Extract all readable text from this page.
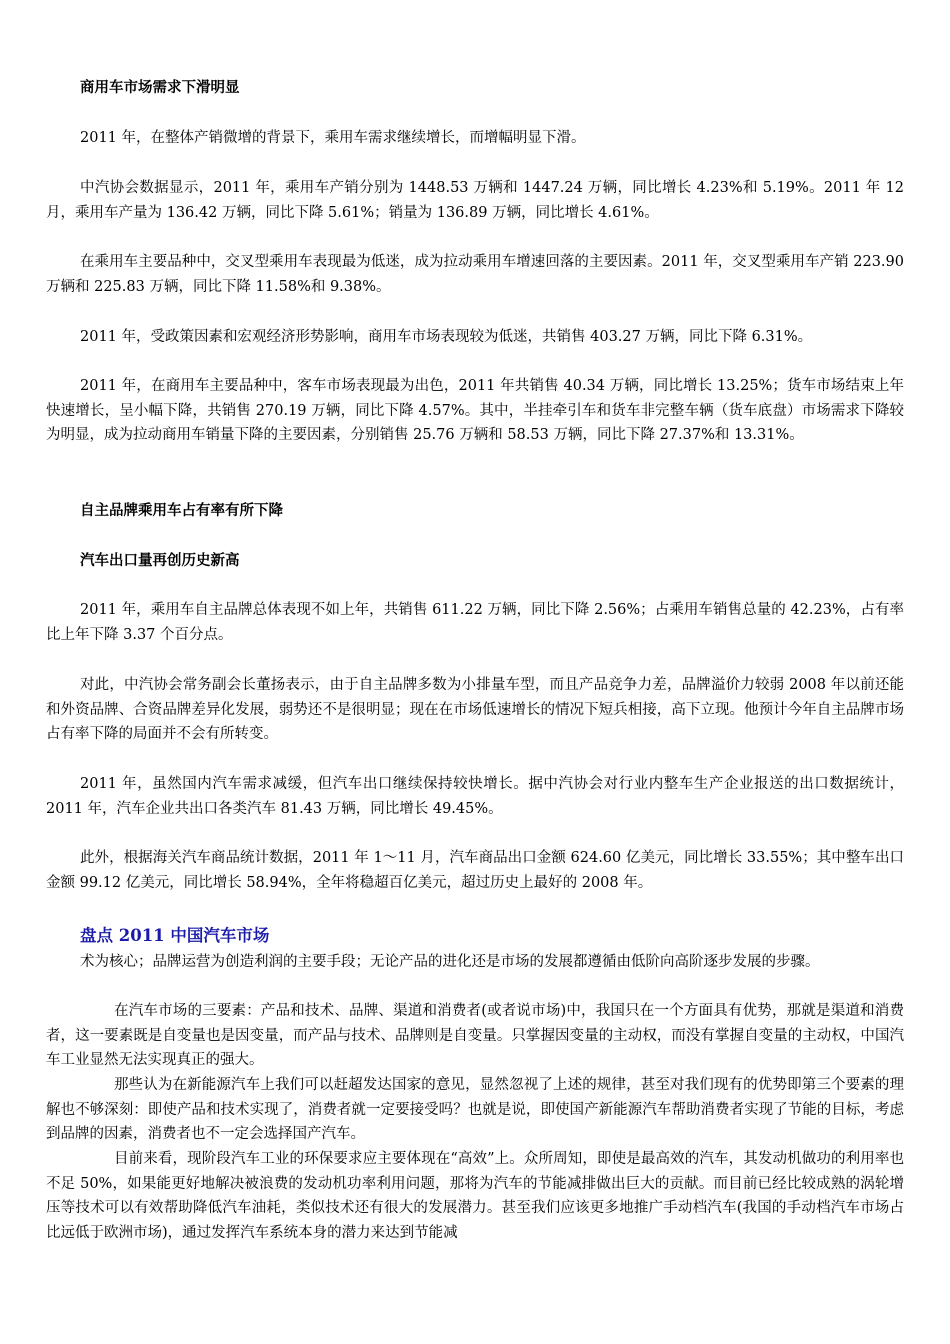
商用车市场需求下滑明显

2011 年，在整体产销微增的背景下，乘用车需求继续增长，而增幅明显下滑。

中汽协会数据显示，2011 年，乘用车产销分别为 1448.53 万辆和 1447.24 万辆，同比增长 4.23%和 5.19%。2011 年 12 月，乘用车产量为 136.42 万辆，同比下降 5.61%；销量为 136.89 万辆，同比增长 4.61%。

在乘用车主要品种中，交叉型乘用车表现最为低迷，成为拉动乘用车增速回落的主要因素。2011 年，交叉型乘用车产销 223.90 万辆和 225.83 万辆，同比下降 11.58%和 9.38%。

2011 年，受政策因素和宏观经济形势影响，商用车市场表现较为低迷，共销售 403.27 万辆，同比下降 6.31%。

2011 年，在商用车主要品种中，客车市场表现最为出色，2011 年共销售 40.34 万辆，同比增长 13.25%；货车市场结束上年快速增长，呈小幅下降，共销售 270.19 万辆，同比下降 4.57%。其中，半挂牵引车和货车非完整车辆（货车底盘）市场需求下降较为明显，成为拉动商用车销量下降的主要因素，分别销售 25.76 万辆和 58.53 万辆，同比下降 27.37%和 13.31%。

自主品牌乘用车占有率有所下降
汽车出口量再创历史新高

2011 年，乘用车自主品牌总体表现不如上年，共销售 611.22 万辆，同比下降 2.56%；占乘用车销售总量的 42.23%，占有率比上年下降 3.37 个百分点。

对此，中汽协会常务副会长董扬表示，由于自主品牌多数为小排量车型，而且产品竞争力差，品牌溢价力较弱 2008 年以前还能和外资品牌、合资品牌差异化发展，弱势还不是很明显；现在在市场低速增长的情况下短兵相接，高下立现。他预计今年自主品牌市场占有率下降的局面并不会有所转变。

2011 年，虽然国内汽车需求减缓，但汽车出口继续保持较快增长。据中汽协会对行业内整车生产企业报送的出口数据统计，2011 年，汽车企业共出口各类汽车 81.43 万辆，同比增长 49.45%。

此外，根据海关汽车商品统计数据，2011 年 1～11 月，汽车商品出口金额 624.60 亿美元，同比增长 33.55%；其中整车出口金额 99.12 亿美元，同比增长 58.94%，全年将稳超百亿美元，超过历史上最好的 2008 年。

盘点 2011 中国汽车市场

术为核心；品牌运营为创造利润的主要手段；无论产品的进化还是市场的发展都遵循由低阶向高阶逐步发展的步骤。

在汽车市场的三要素：产品和技术、品牌、渠道和消费者(或者说市场)中，我国只在一个方面具有优势，那就是渠道和消费者，这一要素既是自变量也是因变量，而产品与技术、品牌则是自变量。只掌握因变量的主动权，而没有掌握自变量的主动权，中国汽车工业显然无法实现真正的强大。

那些认为在新能源汽车上我们可以赶超发达国家的意见，显然忽视了上述的规律，甚至对我们现有的优势即第三个要素的理解也不够深刻：即使产品和技术实现了，消费者就一定要接受吗？也就是说，即使国产新能源汽车帮助消费者实现了节能的目标，考虑到品牌的因素，消费者也不一定会选择国产汽车。

目前来看，现阶段汽车工业的环保要求应主要体现在“高效”上。众所周知，即使是最高效的汽车，其发动机做功的利用率也不足 50%，如果能更好地解决被浪费的发动机功率利用问题，那将为汽车的节能减排做出巨大的贡献。而目前已经比较成熟的涡轮增压等技术可以有效帮助降低汽车油耗，类似技术还有很大的发展潜力。甚至我们应该更多地推广手动档汽车(我国的手动档汽车市场占比远低于欧洲市场)，通过发挥汽车系统本身的潜力来达到节能减
